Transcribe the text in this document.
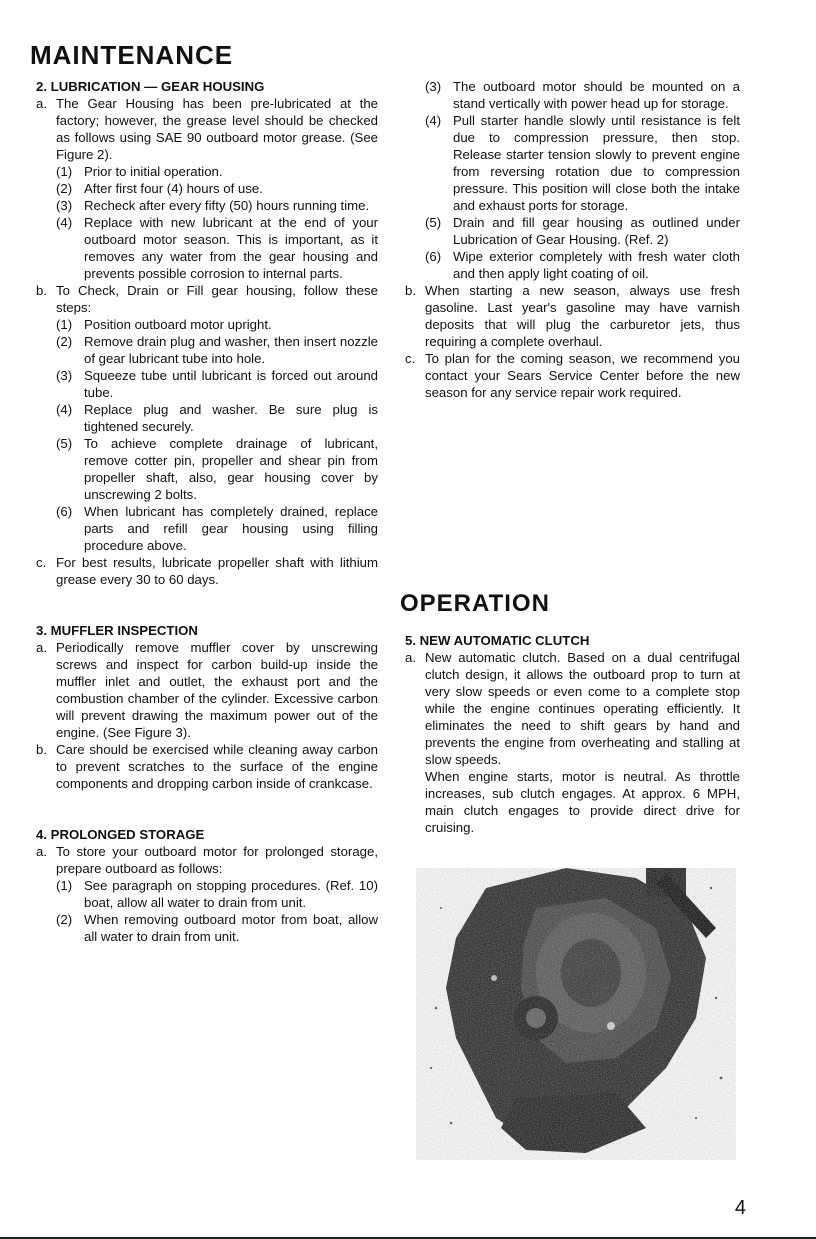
MAINTENANCE

2. LUBRICATION — GEAR HOUSING

a. The Gear Housing has been pre-lubricated at the factory; however, the grease level should be checked as follows using SAE 90 outboard motor grease. (See Figure 2).
(1) Prior to initial operation.
(2) After first four (4) hours of use.
(3) Recheck after every fifty (50) hours running time.
(4) Replace with new lubricant at the end of your outboard motor season. This is important, as it removes any water from the gear housing and prevents possible corrosion to internal parts.
b. To Check, Drain or Fill gear housing, follow these steps:
(1) Position outboard motor upright.
(2) Remove drain plug and washer, then insert nozzle of gear lubricant tube into hole.
(3) Squeeze tube until lubricant is forced out around tube.
(4) Replace plug and washer. Be sure plug is tightened securely.
(5) To achieve complete drainage of lubricant, remove cotter pin, propeller and shear pin from propeller shaft, also, gear housing cover by unscrewing 2 bolts.
(6) When lubricant has completely drained, replace parts and refill gear housing using filling procedure above.
c. For best results, lubricate propeller shaft with lithium grease every 30 to 60 days.

3. MUFFLER INSPECTION

a. Periodically remove muffler cover by unscrewing screws and inspect for carbon build-up inside the muffler inlet and outlet, the exhaust port and the combustion chamber of the cylinder. Excessive carbon will prevent drawing the maximum power out of the engine. (See Figure 3).
b. Care should be exercised while cleaning away carbon to prevent scratches to the surface of the engine components and dropping carbon inside of crankcase.

4. PROLONGED STORAGE

a. To store your outboard motor for prolonged storage, prepare outboard as follows:
(1) See paragraph on stopping procedures. (Ref. 10) boat, allow all water to drain from unit.
(2) When removing outboard motor from boat, allow all water to drain from unit.
(3) The outboard motor should be mounted on a stand vertically with power head up for storage.
(4) Pull starter handle slowly until resistance is felt due to compression pressure, then stop. Release starter tension slowly to prevent engine from reversing rotation due to compression pressure. This position will close both the intake and exhaust ports for storage.
(5) Drain and fill gear housing as outlined under Lubrication of Gear Housing. (Ref. 2)
(6) Wipe exterior completely with fresh water cloth and then apply light coating of oil.
b. When starting a new season, always use fresh gasoline. Last year's gasoline may have varnish deposits that will plug the carburetor jets, thus requiring a complete overhaul.
c. To plan for the coming season, we recommend you contact your Sears Service Center before the new season for any service repair work required.
OPERATION

5. NEW AUTOMATIC CLUTCH

a. New automatic clutch. Based on a dual centrifugal clutch design, it allows the outboard prop to turn at very slow speeds or even come to a complete stop while the engine continues operating efficiently. It eliminates the need to shift gears by hand and prevents the engine from overheating and stalling at slow speeds.
When engine starts, motor is neutral. As throttle increases, sub clutch engages. At approx. 6 MPH, main clutch engages to provide direct drive for cruising.
4
